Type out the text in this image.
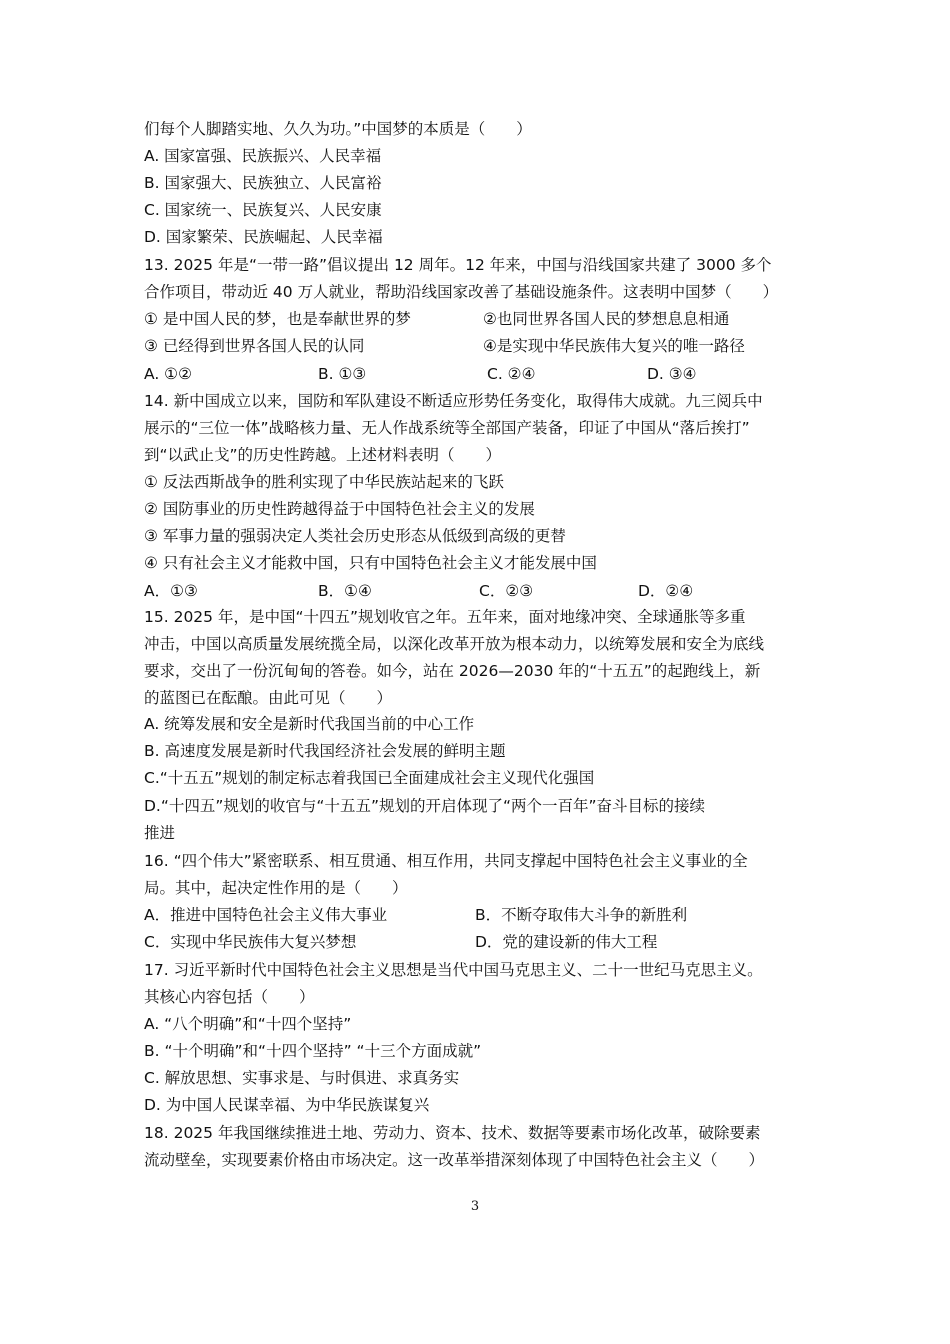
们每个人脚踏实地、久久为功。”中国梦的本质是（　　）
A. 国家富强、民族振兴、人民幸福
B. 国家强大、民族独立、人民富裕
C. 国家统一、民族复兴、人民安康
D. 国家繁荣、民族崛起、人民幸福
13. 2025 年是“一带一路”倡议提出 12 周年。12 年来，中国与沿线国家共建了 3000 多个
合作项目，带动近 40 万人就业，帮助沿线国家改善了基础设施条件。这表明中国梦（　　）
① 是中国人民的梦，也是奉献世界的梦	②也同世界各国人民的梦想息息相通
③ 已经得到世界各国人民的认同	④是实现中华民族伟大复兴的唯一路径
A. ①②	B. ①③	C. ②④	D. ③④
14. 新中国成立以来，国防和军队建设不断适应形势任务变化，取得伟大成就。九三阅兵中
展示的“三位一体”战略核力量、无人作战系统等全部国产装备，印证了中国从“落后挨打”
到“以武止戈”的历史性跨越。上述材料表明（　　）
① 反法西斯战争的胜利实现了中华民族站起来的飞跃
② 国防事业的历史性跨越得益于中国特色社会主义的发展
③ 军事力量的强弱决定人类社会历史形态从低级到高级的更替
④ 只有社会主义才能救中国，只有中国特色社会主义才能发展中国
A．①③	B．①④	C．②③	D．②④
15. 2025 年，是中国“十四五”规划收官之年。五年来，面对地缘冲突、全球通胀等多重
冲击，中国以高质量发展统揽全局，以深化改革开放为根本动力，以统筹发展和安全为底线
要求，交出了一份沉甸甸的答卷。如今，站在 2026—2030 年的“十五五”的起跑线上，新
的蓝图已在酝酿。由此可见（　　）
A. 统筹发展和安全是新时代我国当前的中心工作
B. 高速度发展是新时代我国经济社会发展的鲜明主题
C.“十五五”规划的制定标志着我国已全面建成社会主义现代化强国
D.“十四五”规划的收官与“十五五”规划的开启体现了“两个一百年”奋斗目标的接续
推进
16. “四个伟大”紧密联系、相互贯通、相互作用，共同支撑起中国特色社会主义事业的全
局。其中，起决定性作用的是（　　）
A．推进中国特色社会主义伟大事业	B．不断夺取伟大斗争的新胜利
C．实现中华民族伟大复兴梦想	D．党的建设新的伟大工程
17. 习近平新时代中国特色社会主义思想是当代中国马克思主义、二十一世纪马克思主义。
其核心内容包括（　　）
A. “八个明确”和“十四个坚持”
B. “十个明确”和“十四个坚持” “十三个方面成就”
C. 解放思想、实事求是、与时俱进、求真务实
D. 为中国人民谋幸福、为中华民族谋复兴
18. 2025 年我国继续推进土地、劳动力、资本、技术、数据等要素市场化改革，破除要素
流动壁垒，实现要素价格由市场决定。这一改革举措深刻体现了中国特色社会主义（　　）
3
